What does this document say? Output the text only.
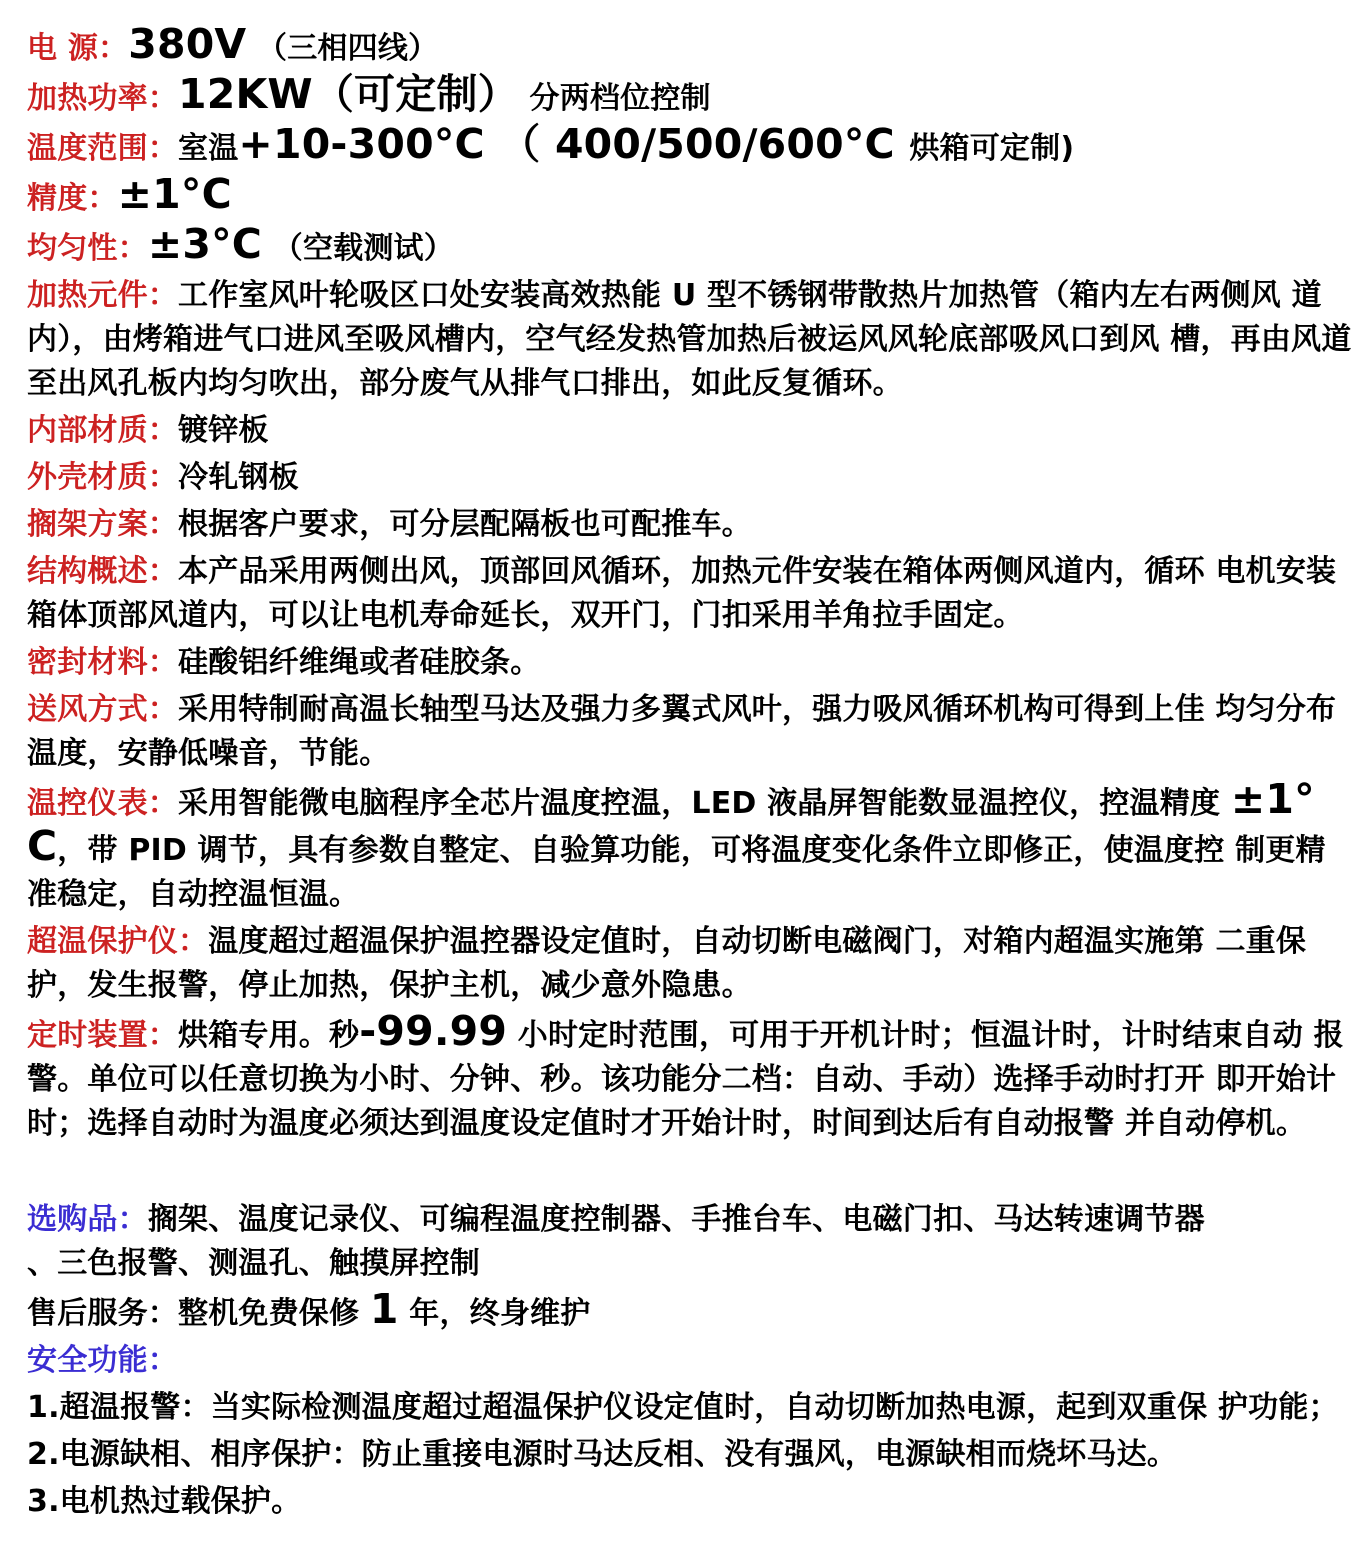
电 源：380V （三相四线）

加热功率：12KW（可定制） 分两档位控制

温度范围：室温+10-300°C （ 400/500/600°C 烘箱可定制)

精度：±1°C

均匀性：±3°C （空载测试）

加热元件：工作室风叶轮吸区口处安装高效热能 U 型不锈钢带散热片加热管（箱内左右两侧风 道内），由烤箱进气口进风至吸风槽内，空气经发热管加热后被运风风轮底部吸风口到风 槽，再由风道至出风孔板内均匀吹出，部分废气从排气口排出，如此反复循环。

内部材质：镀锌板

外壳材质：冷轧钢板

搁架方案：根据客户要求，可分层配隔板也可配推车。

结构概述：本产品采用两侧出风，顶部回风循环，加热元件安装在箱体两侧风道内，循环 电机安装箱体顶部风道内，可以让电机寿命延长，双开门，门扣采用羊角拉手固定。

密封材料：硅酸铝纤维绳或者硅胶条。

送风方式：采用特制耐高温长轴型马达及强力多翼式风叶，强力吸风循环机构可得到上佳 均匀分布温度，安静低噪音，节能。

温控仪表：采用智能微电脑程序全芯片温度控温，LED 液晶屏智能数显温控仪，控温精度 ±1°C，带 PID 调节，具有参数自整定、自验算功能，可将温度变化条件立即修正，使温度控 制更精准稳定，自动控温恒温。

超温保护仪：温度超过超温保护温控器设定值时，自动切断电磁阀门，对箱内超温实施第 二重保护，发生报警，停止加热，保护主机，减少意外隐患。

定时装置：烘箱专用。秒-99.99 小时定时范围，可用于开机计时；恒温计时，计时结束自动 报警。单位可以任意切换为小时、分钟、秒。该功能分二档：自动、手动）选择手动时打开 即开始计时；选择自动时为温度必须达到温度设定值时才开始计时，时间到达后有自动报警 并自动停机。

选购品：搁架、温度记录仪、可编程温度控制器、手推台车、电磁门扣、马达转速调节器
、三色报警、测温孔、触摸屏控制

售后服务：整机免费保修 1 年，终身维护

安全功能：

1.超温报警：当实际检测温度超过超温保护仪设定值时，自动切断加热电源，起到双重保 护功能；

2.电源缺相、相序保护：防止重接电源时马达反相、没有强风，电源缺相而烧坏马达。

3.电机热过载保护。
